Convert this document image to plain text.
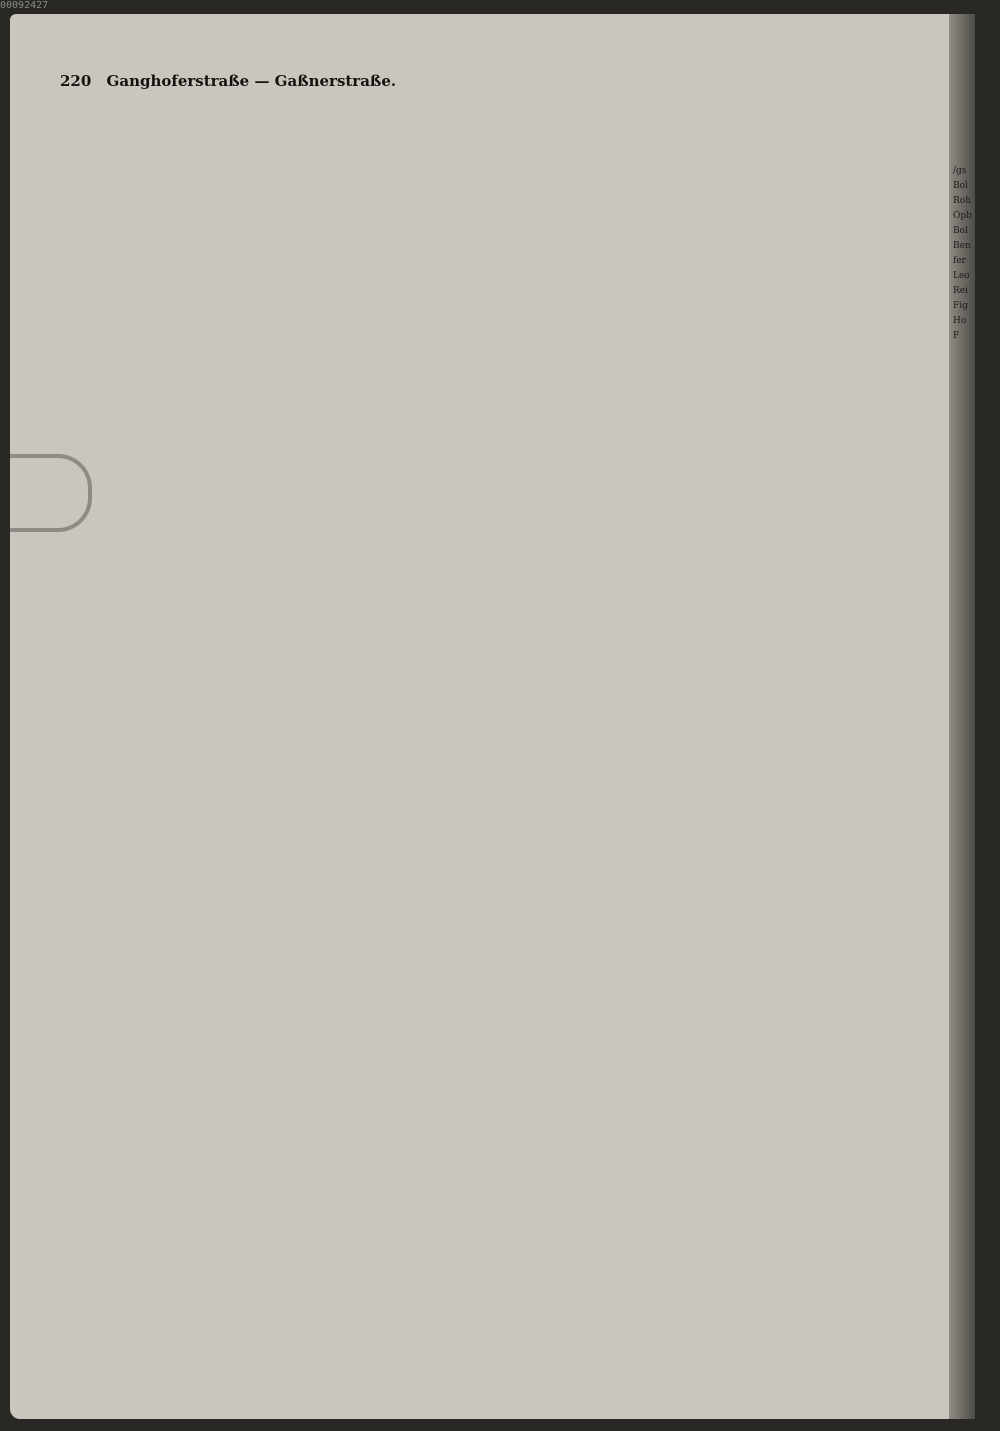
00092427
/gs
Bol
Roh
Opb
Bol
Ben
fer
Leo
Rei
Fig
Ho
F
220 Ganghoferstraße — Gaßnerstraße.
